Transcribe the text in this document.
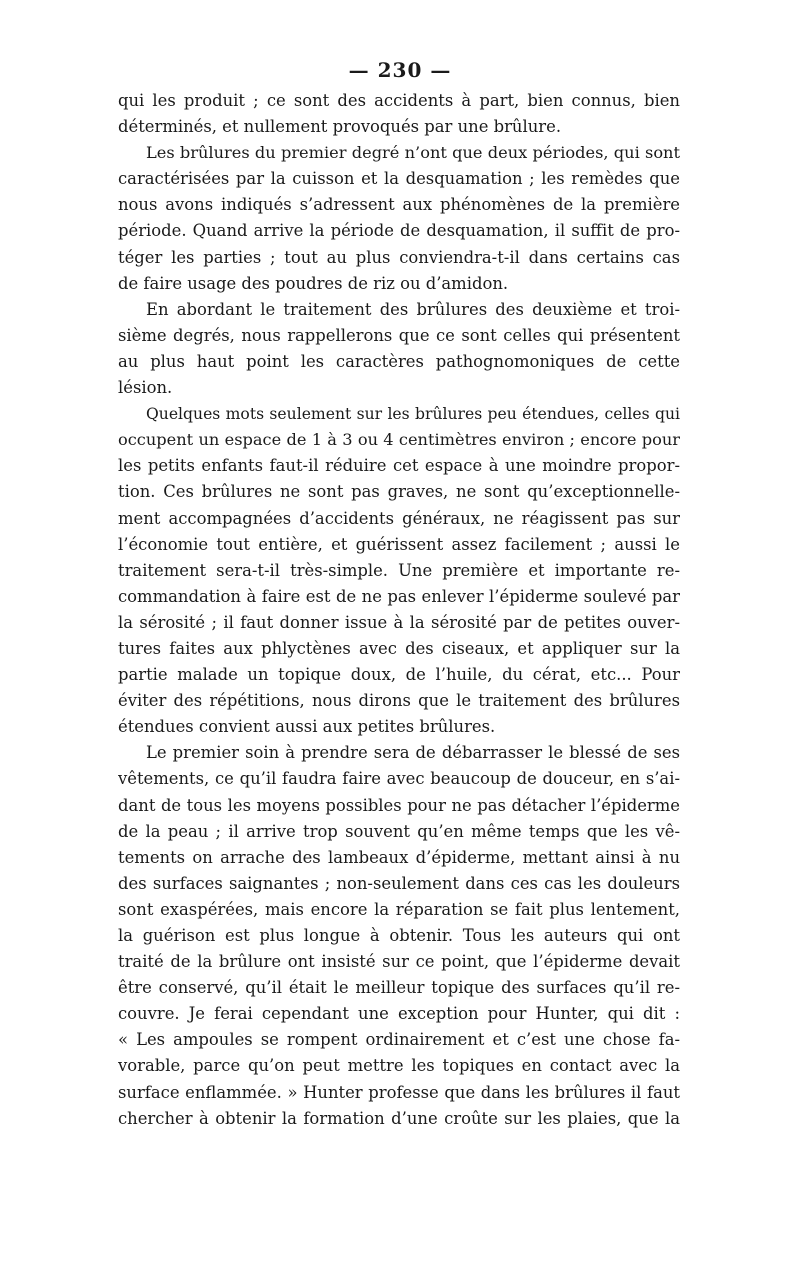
— 230 —
qui les produit ; ce sont des accidents à part, bien connus, bien
déterminés, et nullement provoqués par une brûlure.
Les brûlures du premier degré n’ont que deux périodes, qui sont
caractérisées par la cuisson et la desquamation ; les remèdes que
nous avons indiqués s’adressent aux phénomènes de la première
période. Quand arrive la période de desquamation, il suffit de pro-
téger les parties ; tout au plus conviendra-t-il dans certains cas
de faire usage des poudres de riz ou d’amidon.
En abordant le traitement des brûlures des deuxième et troi-
sième degrés, nous rappellerons que ce sont celles qui présentent
au plus haut point les caractères pathognomoniques de cette
lésion.
Quelques mots seulement sur les brûlures peu étendues, celles qui
occupent un espace de 1 à 3 ou 4 centimètres environ ; encore pour
les petits enfants faut-il réduire cet espace à une moindre propor-
tion. Ces brûlures ne sont pas graves, ne sont qu’exceptionnelle-
ment accompagnées d’accidents généraux, ne réagissent pas sur
l’économie tout entière, et guérissent assez facilement ; aussi le
traitement sera-t-il très-simple. Une première et importante re-
commandation à faire est de ne pas enlever l’épiderme soulevé par
la sérosité ; il faut donner issue à la sérosité par de petites ouver-
tures faites aux phlyctènes avec des ciseaux, et appliquer sur la
partie malade un topique doux, de l’huile, du cérat, etc... Pour
éviter des répétitions, nous dirons que le traitement des brûlures
étendues convient aussi aux petites brûlures.
Le premier soin à prendre sera de débarrasser le blessé de ses
vêtements, ce qu’il faudra faire avec beaucoup de douceur, en s’ai-
dant de tous les moyens possibles pour ne pas détacher l’épiderme
de la peau ; il arrive trop souvent qu’en même temps que les vê-
tements on arrache des lambeaux d’épiderme, mettant ainsi à nu
des surfaces saignantes ; non-seulement dans ces cas les douleurs
sont exaspérées, mais encore la réparation se fait plus lentement,
la guérison est plus longue à obtenir. Tous les auteurs qui ont
traité de la brûlure ont insisté sur ce point, que l’épiderme devait
être conservé, qu’il était le meilleur topique des surfaces qu’il re-
couvre. Je ferai cependant une exception pour Hunter, qui dit :
« Les ampoules se rompent ordinairement et c’est une chose fa-
vorable, parce qu’on peut mettre les topiques en contact avec la
surface enflammée. » Hunter professe que dans les brûlures il faut
chercher à obtenir la formation d’une croûte sur les plaies, que la
